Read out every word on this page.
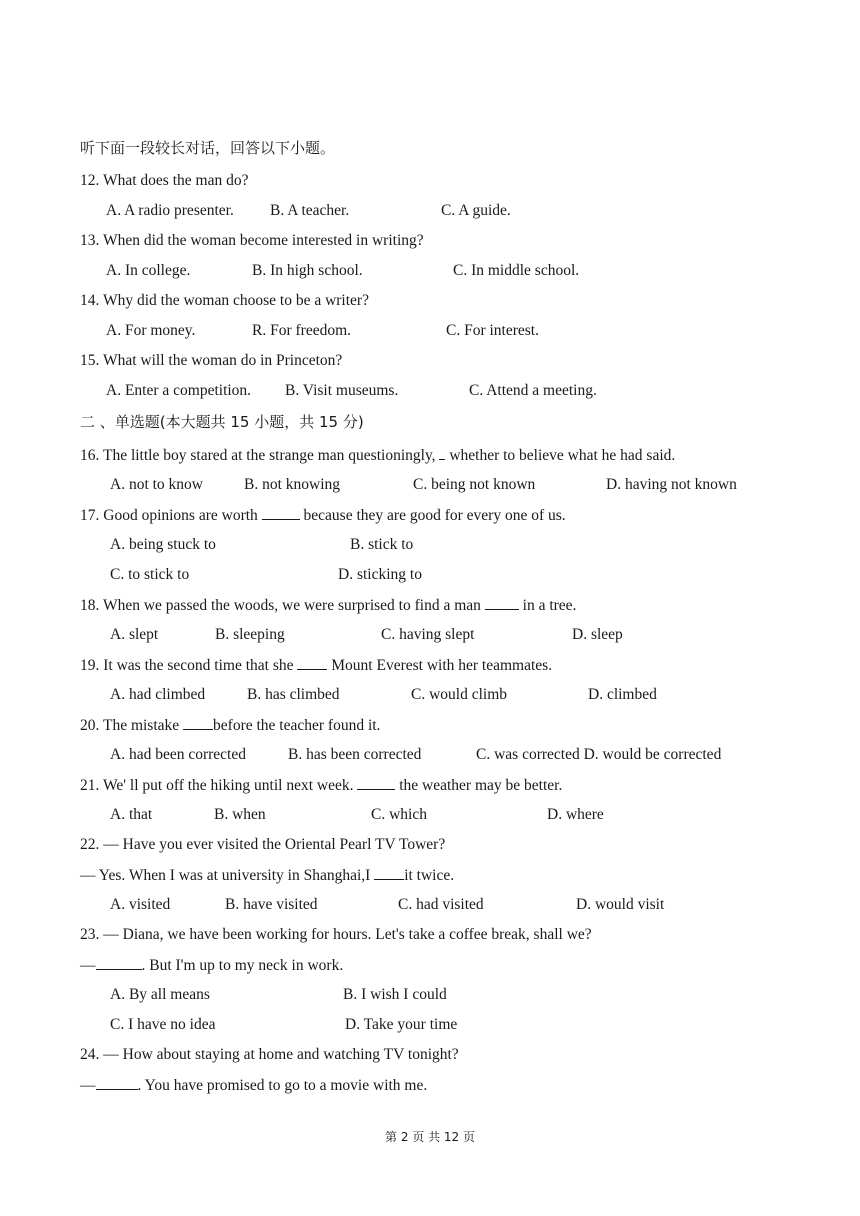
听下面一段较长对话，回答以下小题。
12. What does the man do?
A. A radio presenter. B. A teacher.	C. A guide.
13. When did the woman become interested in writing?
A. In college.	B. In high school.	C. In middle school.
14. Why did the woman choose to be a writer?
A. For money.	R. For freedom.	C. For interest.
15. What will the woman do in Princeton?
A. Enter a competition. B. Visit museums.	C. Attend a meeting.
二 、单选题(本大题共 15 小题，共 15 分)
16. The little boy stared at the strange man questioningly, whether to believe what he had said.
A. not to know	B. not knowing	C. being not known	D. having not known
17. Good opinions are worth	because they are good for every one of us.
A. being stuck to	B. stick to
C. to stick to	D. sticking to
18. When we passed the woods, we were surprised to find a man	in a tree.
A. slept	B. sleeping	C. having slept	D. sleep
19. It was the second time that she Mount Everest with her teammates.
A. had climbed	B. has climbed	C. would climb	D. climbed
20. The mistake before the teacher found it.
A. had been corrected	B. has been corrected	C. was corrected D. would be corrected
21. We' ll put off the hiking until next week.	the weather may be better.
A. that	B. when	C. which	D. where
22. — Have you ever visited the Oriental Pearl TV Tower?
— Yes. When I was at university in Shanghai,I it twice.
A. visited	B. have visited	C. had visited	D. would visit
23. — Diana, we have been working for hours. Let's take a coffee break, shall we?
—	. But I'm up to my neck in work.
A. By all means	B. I wish I could
C. I have no idea	D. Take your time
24. — How about staying at home and watching TV tonight?
—	. You have promised to go to a movie with me.
第 2 页 共 12 页
